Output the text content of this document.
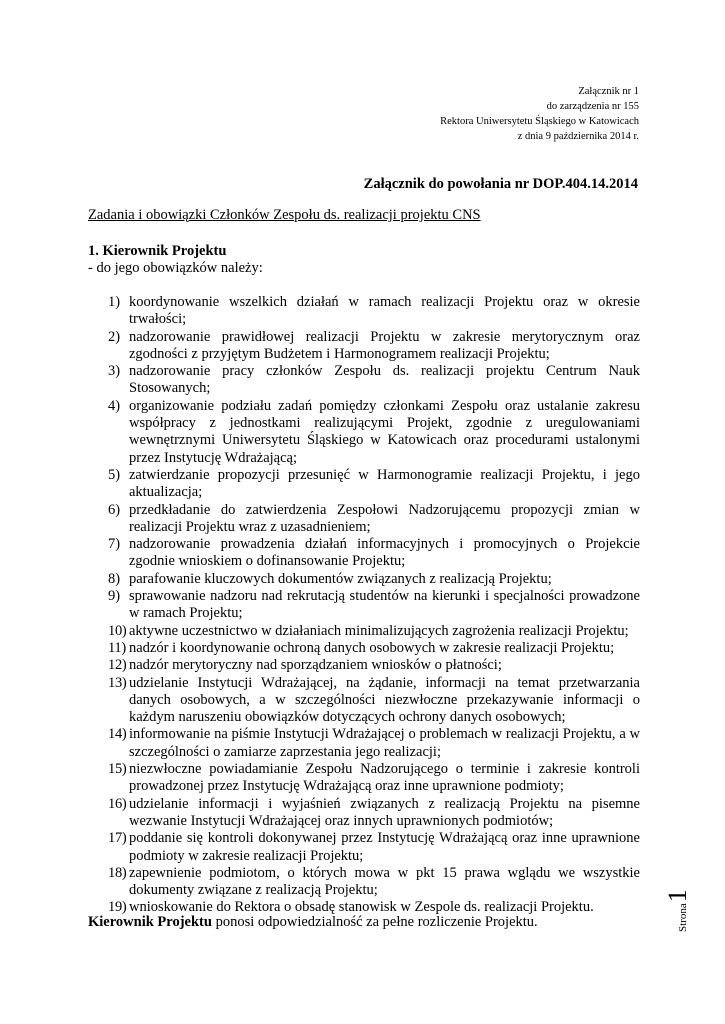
Załącznik nr 1
do zarządzenia nr 155
Rektora Uniwersytetu Śląskiego w Katowicach
z dnia 9 października 2014 r.
Załącznik do powołania nr DOP.404.14.2014
Zadania i obowiązki Członków Zespołu ds. realizacji projektu CNS
1. Kierownik Projektu
- do jego obowiązków należy:
1) koordynowanie wszelkich działań w ramach realizacji Projektu oraz w okresie trwałości;
2) nadzorowanie prawidłowej realizacji Projektu w zakresie merytorycznym oraz zgodności z przyjętym Budżetem i Harmonogramem realizacji Projektu;
3) nadzorowanie pracy członków Zespołu ds. realizacji projektu Centrum Nauk Stosowanych;
4) organizowanie podziału zadań pomiędzy członkami Zespołu oraz ustalanie zakresu współpracy z jednostkami realizującymi Projekt, zgodnie z uregulowaniami wewnętrznymi Uniwersytetu Śląskiego w Katowicach oraz procedurami ustalonymi przez Instytucję Wdrażającą;
5) zatwierdzanie propozycji przesunięć w Harmonogramie realizacji Projektu, i jego aktualizacja;
6) przedkładanie do zatwierdzenia Zespołowi Nadzorującemu propozycji zmian w realizacji Projektu wraz z uzasadnieniem;
7) nadzorowanie prowadzenia działań informacyjnych i promocyjnych o Projekcie zgodnie wnioskiem o dofinansowanie Projektu;
8) parafowanie kluczowych dokumentów związanych z realizacją Projektu;
9) sprawowanie nadzoru nad rekrutacją studentów na kierunki i specjalności prowadzone w ramach Projektu;
10) aktywne uczestnictwo w działaniach minimalizujących zagrożenia realizacji Projektu;
11) nadzór i koordynowanie ochroną danych osobowych w zakresie realizacji Projektu;
12) nadzór merytoryczny nad sporządzaniem wniosków o płatności;
13) udzielanie Instytucji Wdrażającej, na żądanie, informacji na temat przetwarzania danych osobowych, a w szczególności niezwłoczne przekazywanie informacji o każdym naruszeniu obowiązków dotyczących ochrony danych osobowych;
14) informowanie na piśmie Instytucji Wdrażającej o problemach w realizacji Projektu, a w szczególności o zamiarze zaprzestania jego realizacji;
15) niezwłoczne powiadamianie Zespołu Nadzorującego o terminie i zakresie kontroli prowadzonej przez Instytucję Wdrażającą oraz inne uprawnione podmioty;
16) udzielanie informacji i wyjaśnień związanych z realizacją Projektu na pisemne wezwanie Instytucji Wdrażającej oraz innych uprawnionych podmiotów;
17) poddanie się kontroli dokonywanej przez Instytucję Wdrażającą oraz inne uprawnione podmioty w zakresie realizacji Projektu;
18) zapewnienie podmiotom, o których mowa w pkt 15 prawa wglądu we wszystkie dokumenty związane z realizacją Projektu;
19) wnioskowanie do Rektora o obsadę stanowisk w Zespole ds. realizacji Projektu.
Kierownik Projektu ponosi odpowiedzialność za pełne rozliczenie Projektu.	Strona1
